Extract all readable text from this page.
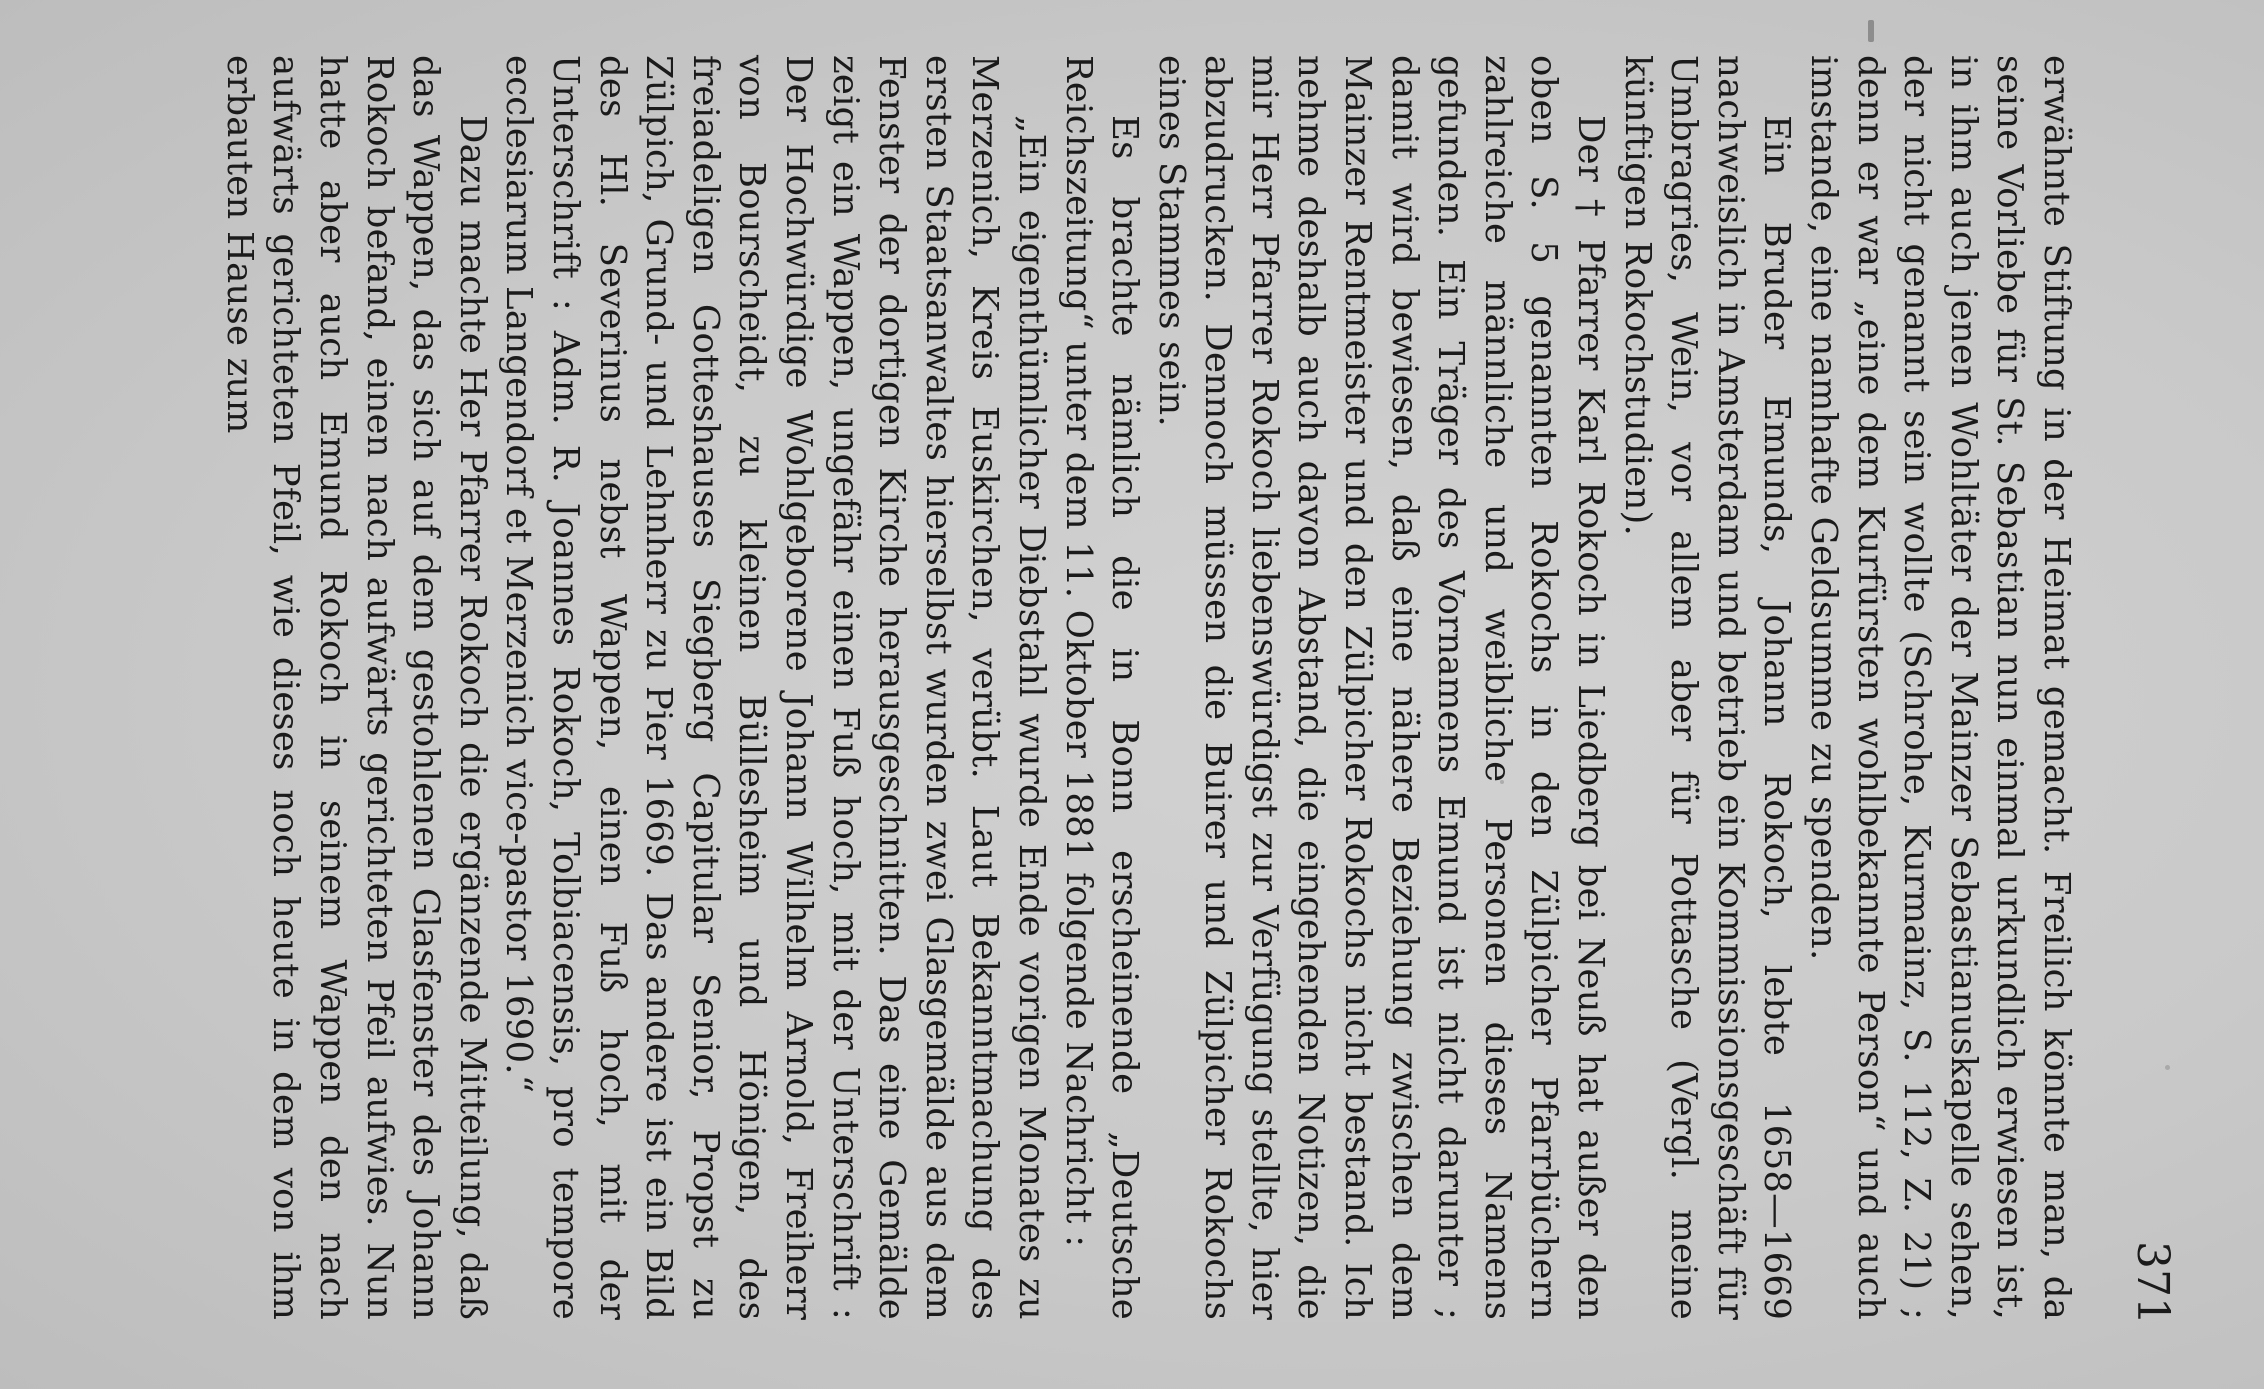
371

erwähnte Stiftung in der Heimat gemacht. Freilich könnte man, da seine Vorliebe für St. Sebastian nun einmal urkundlich erwiesen ist, in ihm auch jenen Wohltäter der Mainzer Sebastianuskapelle sehen, der nicht genannt sein wollte (Schrohe, Kurmainz, S. 112, Z. 21) ; denn er war „eine dem Kurfürsten wohlbekannte Person“ und auch imstande, eine namhafte Geldsumme zu spenden.

Ein Bruder Emunds, Johann Rokoch, lebte 1658—1669 nachweislich in Amsterdam und betrieb ein Kommissionsgeschäft für Umbragries, Wein, vor allem aber für Pottasche (Vergl. meine künftigen Rokochstudien).

Der † Pfarrer Karl Rokoch in Liedberg bei Neuß hat außer den oben S. 5 genannten Rokochs in den Zülpicher Pfarrbüchern zahlreiche männliche und weibliche Personen dieses Namens gefunden. Ein Träger des Vornamens Emund ist nicht darunter ; damit wird bewiesen, daß eine nähere Beziehung zwischen dem Mainzer Rentmeister und den Zülpicher Rokochs nicht bestand. Ich nehme deshalb auch davon Abstand, die eingehenden Notizen, die mir Herr Pfarrer Rokoch liebenswürdigst zur Verfügung stellte, hier abzudrucken. Dennoch müssen die Buirer und Zülpicher Rokochs eines Stammes sein.

Es brachte nämlich die in Bonn erscheinende „Deutsche Reichszeitung“ unter dem 11. Oktober 1881 folgende Nachricht :

„Ein eigenthümlicher Diebstahl wurde Ende vorigen Monates zu Merzenich, Kreis Euskirchen, verübt. Laut Bekanntmachung des ersten Staatsanwaltes hierselbst wurden zwei Glasgemälde aus dem Fenster der dortigen Kirche herausgeschnitten. Das eine Gemälde zeigt ein Wappen, ungefähr einen Fuß hoch, mit der Unterschrift : Der Hochwürdige Wohlgeborene Johann Wilhelm Arnold, Freiherr von Bourscheidt, zu kleinen Büllesheim und Hönigen, des freiadeligen Gotteshauses Siegberg Capitular Senior, Propst zu Zülpich, Grund- und Lehnherr zu Pier 1669. Das andere ist ein Bild des Hl. Severinus nebst Wappen, einen Fuß hoch, mit der Unterschrift : Adm. R. Joannes Rokoch, Tolbiacensis, pro tempore ecclesiarum Langendorf et Merzenich vice-pastor 1690.“

Dazu machte Her Pfarrer Rokoch die ergänzende Mitteilung, daß das Wappen, das sich auf dem gestohlenen Glasfenster des Johann Rokoch befand, einen nach aufwärts gerichteten Pfeil aufwies. Nun hatte aber auch Emund Rokoch in seinem Wappen den nach aufwärts gerichteten Pfeil, wie dieses noch heute in dem von ihm erbauten Hause zum
